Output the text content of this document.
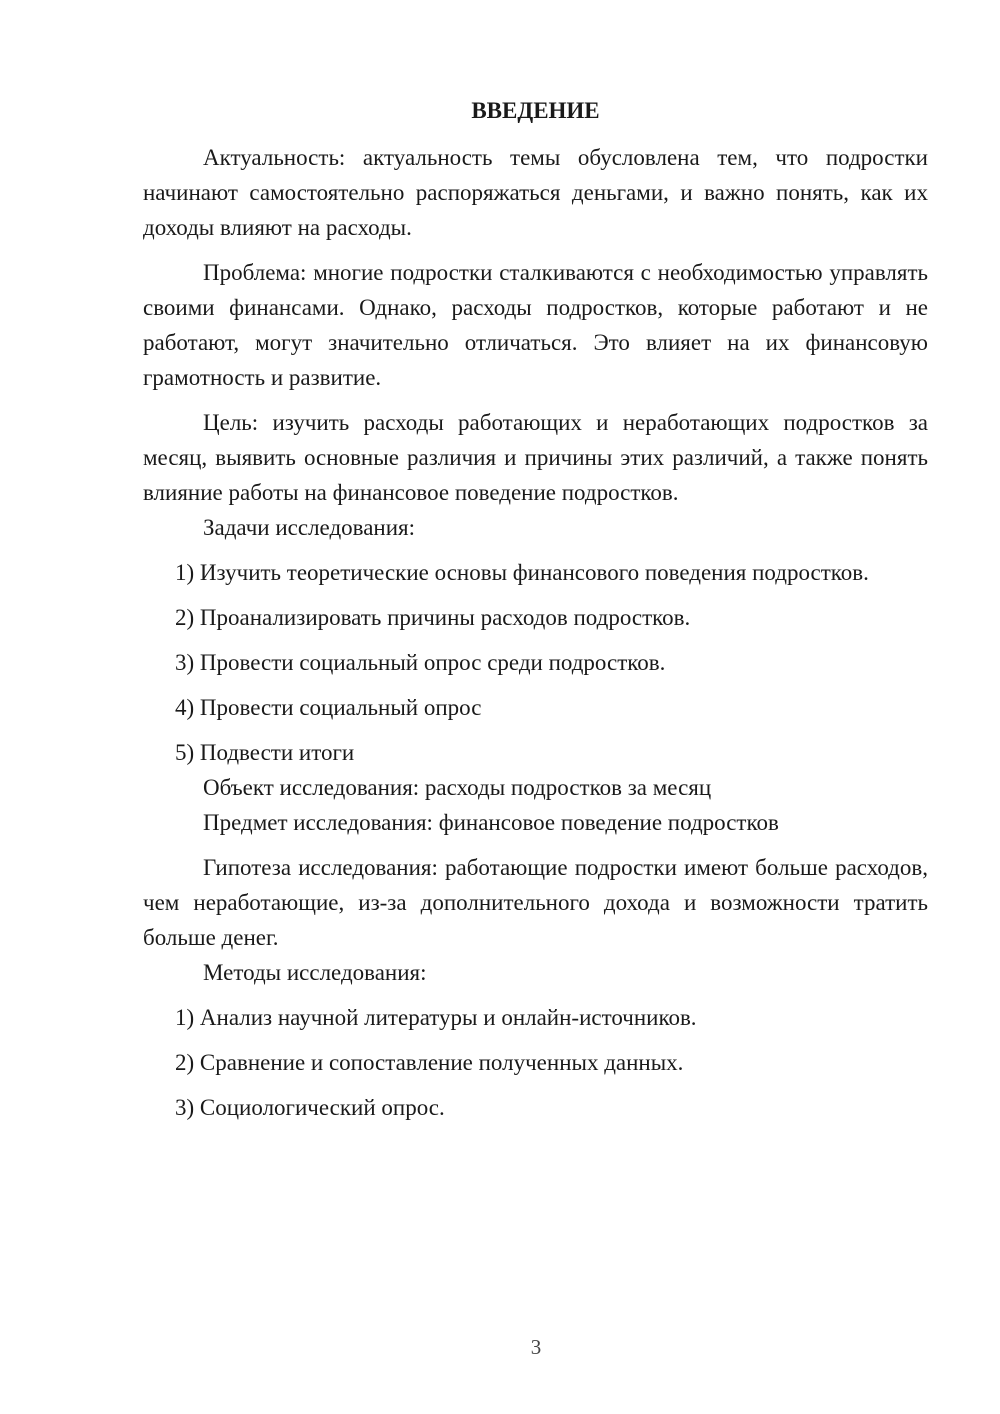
ВВЕДЕНИЕ

Актуальность: актуальность темы обусловлена тем, что подростки начинают самостоятельно распоряжаться деньгами, и важно понять, как их доходы влияют на расходы.

Проблема: многие подростки сталкиваются с необходимостью управлять своими финансами. Однако, расходы подростков, которые работают и не работают, могут значительно отличаться. Это влияет на их финансовую грамотность и развитие.

Цель: изучить расходы работающих и неработающих подростков за месяц, выявить основные различия и причины этих различий, а также понять влияние работы на финансовое поведение подростков.

Задачи исследования:

1) Изучить теоретические основы финансового поведения подростков.

2) Проанализировать причины расходов подростков.

3) Провести социальный опрос среди подростков.

4) Провести социальный опрос

5) Подвести итоги

Объект исследования: расходы подростков за месяц

Предмет исследования: финансовое поведение подростков

Гипотеза исследования: работающие подростки имеют больше расходов, чем неработающие, из-за дополнительного дохода и возможности тратить больше денег.

Методы исследования:

1) Анализ научной литературы и онлайн-источников.

2) Сравнение и сопоставление полученных данных.

3) Социологический опрос.

3
